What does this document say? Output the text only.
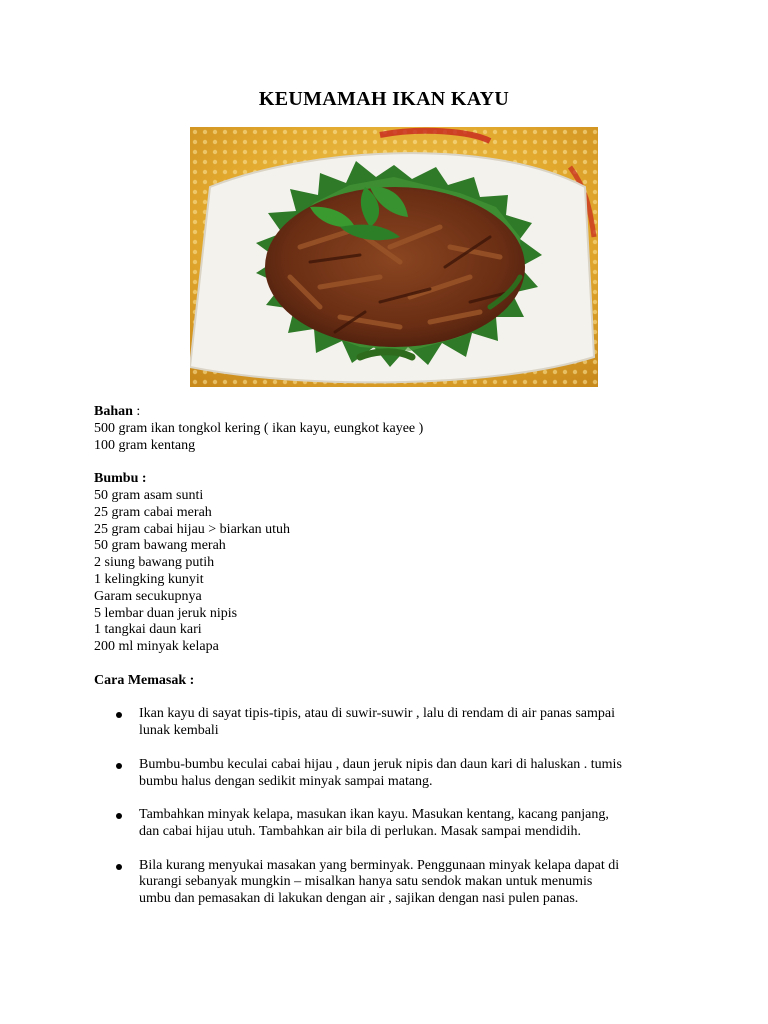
KEUMAMAH IKAN KAYU
Bahan :
500 gram ikan tongkol kering ( ikan kayu, eungkot kayee )
100 gram kentang
Bumbu :
50 gram asam sunti
25 gram cabai merah
25 gram cabai hijau > biarkan utuh
50 gram bawang merah
2 siung bawang putih
1 kelingking kunyit
Garam secukupnya
5 lembar duan jeruk nipis
1 tangkai daun kari
200 ml minyak kelapa
Cara Memasak :
Ikan kayu di sayat tipis-tipis, atau di suwir-suwir , lalu di rendam di air panas sampai
lunak kembali
Bumbu-bumbu keculai cabai hijau , daun jeruk nipis dan daun kari di haluskan . tumis
bumbu halus dengan sedikit minyak sampai matang.
Tambahkan minyak kelapa, masukan ikan kayu. Masukan kentang, kacang panjang,
dan cabai hijau utuh. Tambahkan air bila di perlukan. Masak sampai mendidih.
Bila kurang menyukai masakan yang berminyak. Penggunaan minyak kelapa dapat di
kurangi sebanyak mungkin – misalkan hanya satu sendok makan untuk menumis
umbu dan pemasakan di lakukan dengan air , sajikan dengan nasi pulen panas.
